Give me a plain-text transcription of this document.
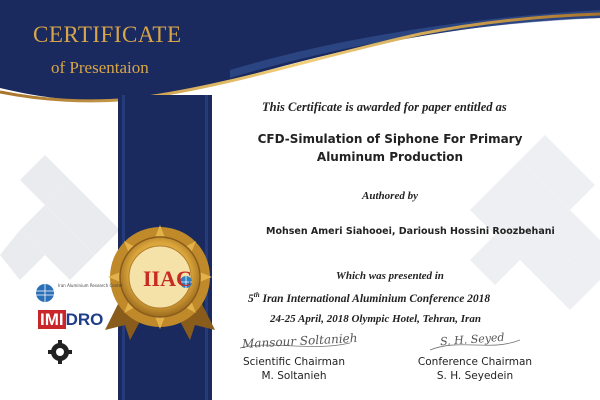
CERTIFICATE
of Presentaion
This Certificate is awarded for paper entitled as
CFD-Simulation of Siphone For Primary
Aluminum Production
Authored by
Mohsen Ameri Siahooei, Darioush Hossini Roozbehani
Which was presented in
5th Iran International Aluminium Conference 2018
24-25 April, 2018 Olympic Hotel, Tehran, Iran
Mansour Soltanieh	S. H. Seyed
Scientific Chairman
M. Soltanieh
Conference Chairman
S. H. Seyedein
IIAC
IMI DRO
Iran Aluminium Research Center
